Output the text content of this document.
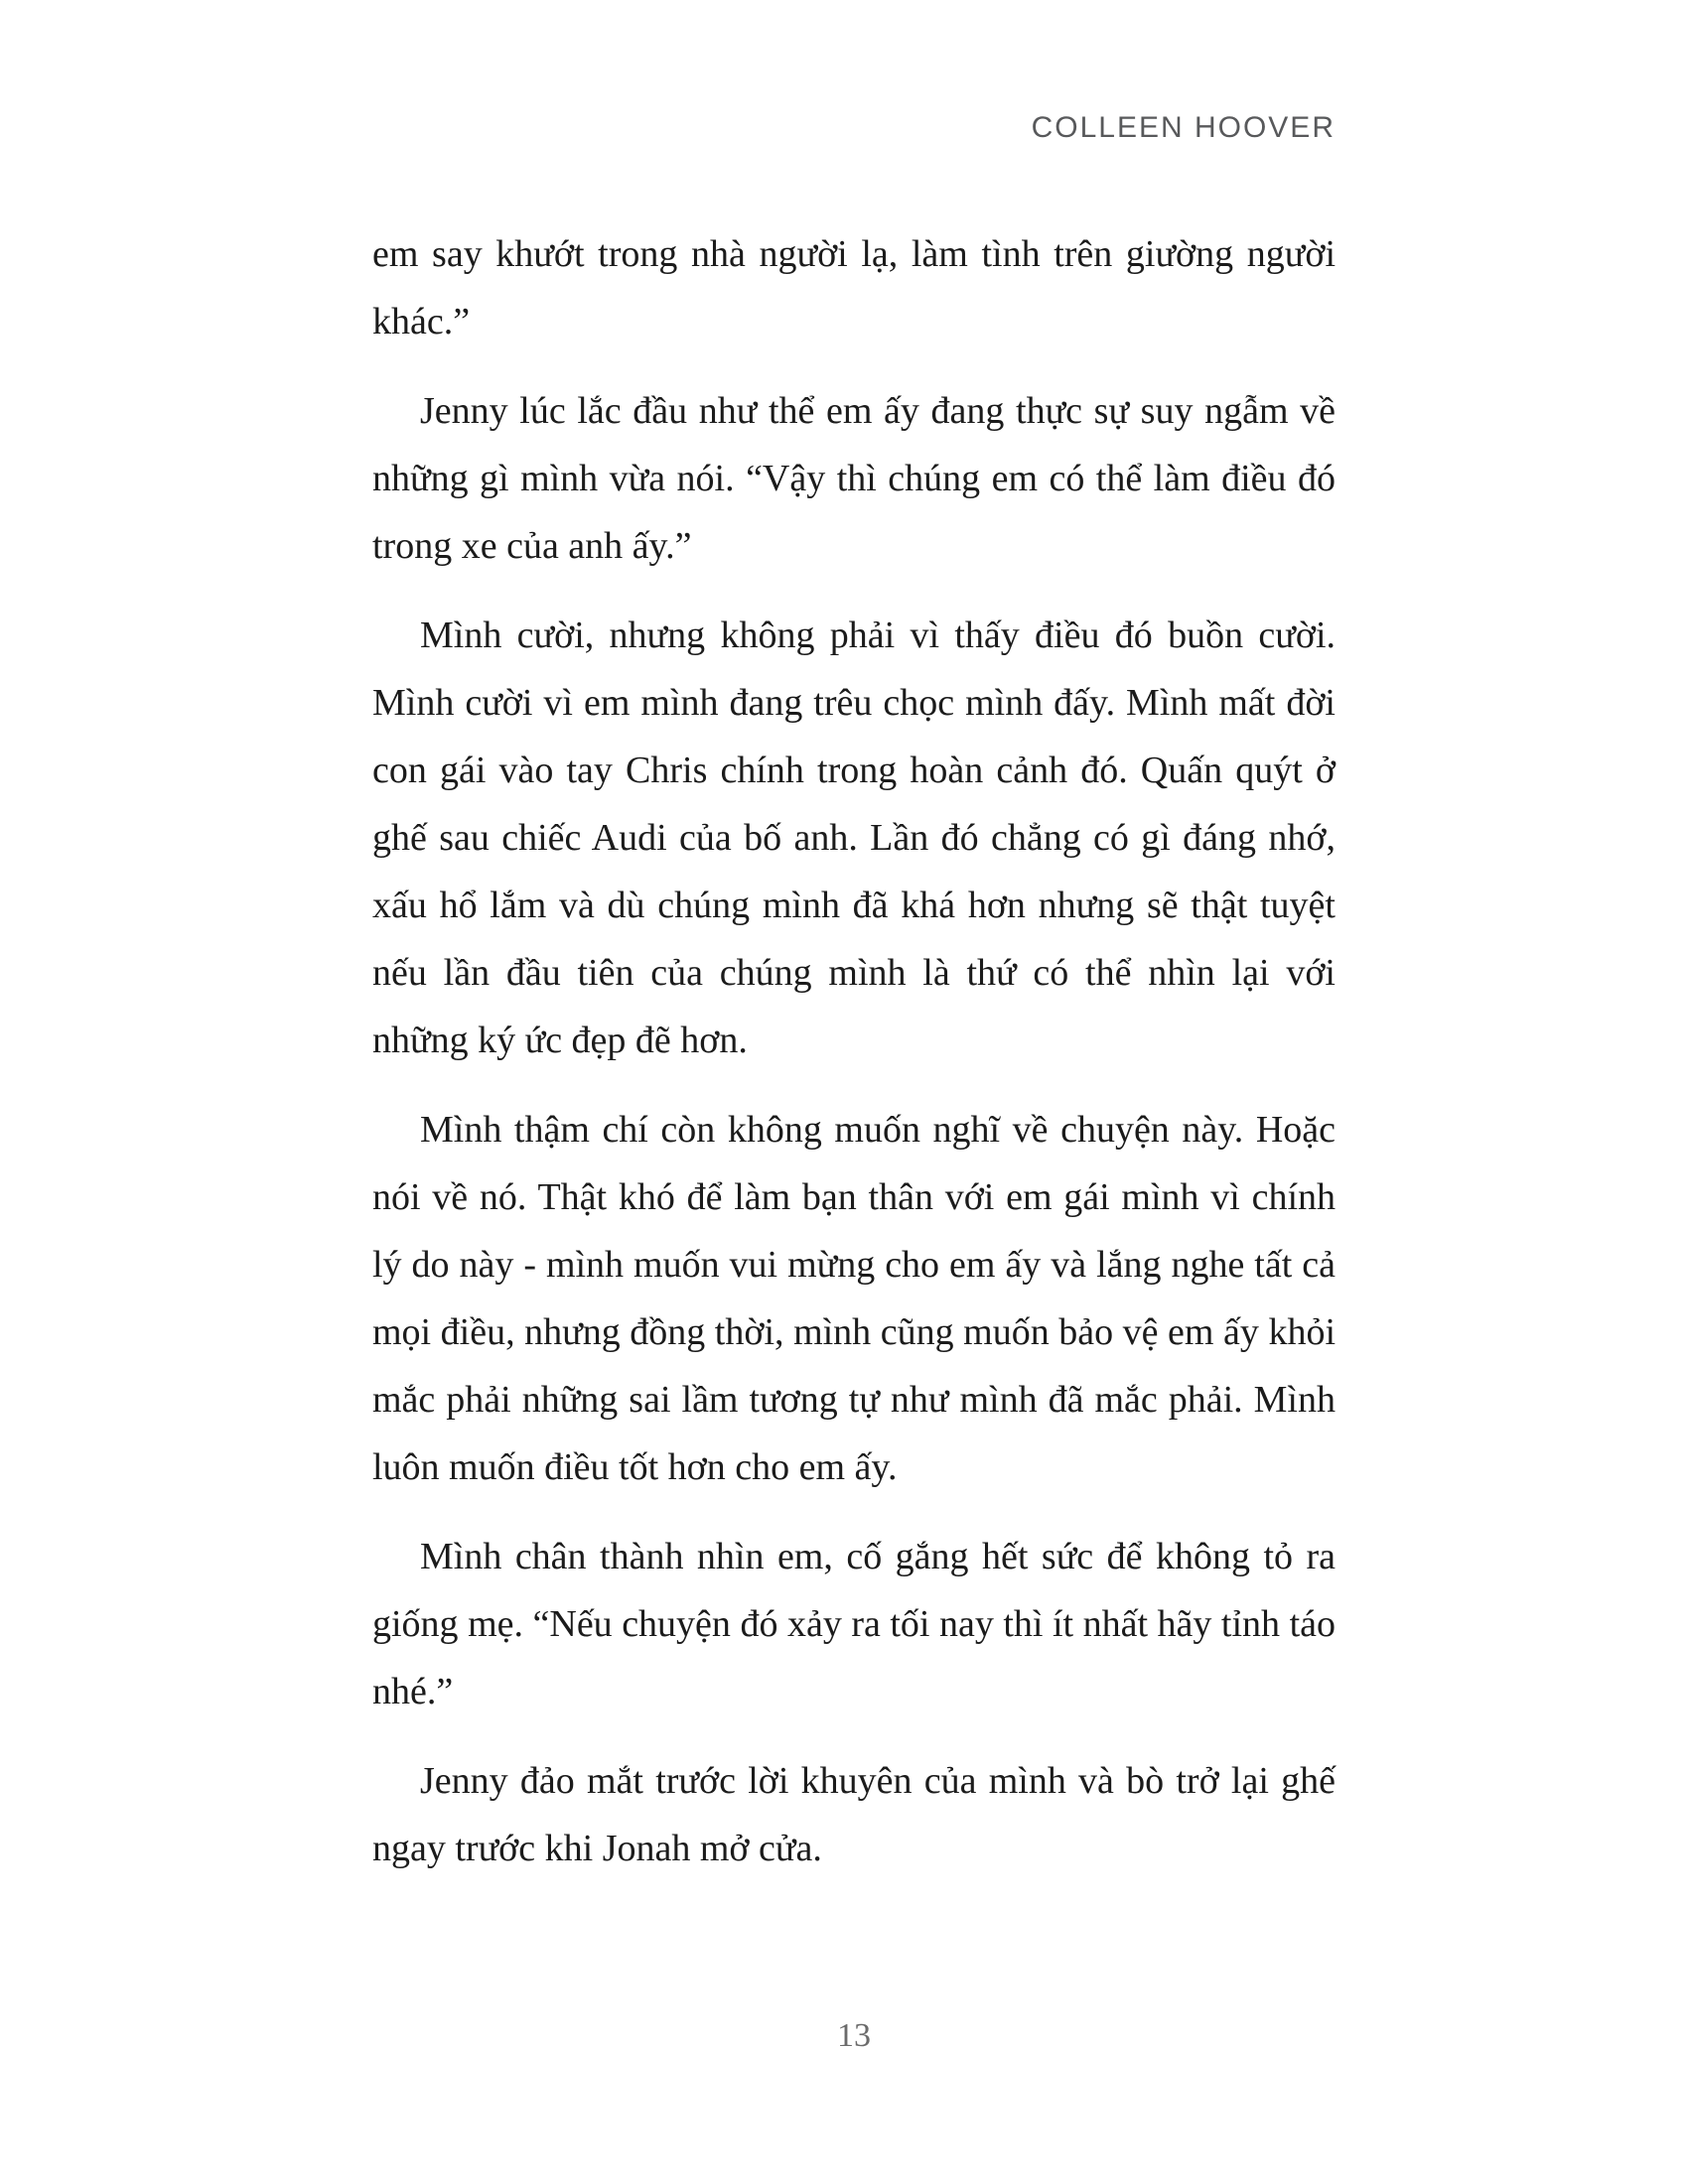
COLLEEN HOOVER

em say khướt trong nhà người lạ, làm tình trên giường người khác.”

Jenny lúc lắc đầu như thể em ấy đang thực sự suy ngẫm về những gì mình vừa nói. “Vậy thì chúng em có thể làm điều đó trong xe của anh ấy.”

Mình cười, nhưng không phải vì thấy điều đó buồn cười. Mình cười vì em mình đang trêu chọc mình đấy. Mình mất đời con gái vào tay Chris chính trong hoàn cảnh đó. Quấn quýt ở ghế sau chiếc Audi của bố anh. Lần đó chẳng có gì đáng nhớ, xấu hổ lắm và dù chúng mình đã khá hơn nhưng sẽ thật tuyệt nếu lần đầu tiên của chúng mình là thứ có thể nhìn lại với những ký ức đẹp đẽ hơn.

Mình thậm chí còn không muốn nghĩ về chuyện này. Hoặc nói về nó. Thật khó để làm bạn thân với em gái mình vì chính lý do này - mình muốn vui mừng cho em ấy và lắng nghe tất cả mọi điều, nhưng đồng thời, mình cũng muốn bảo vệ em ấy khỏi mắc phải những sai lầm tương tự như mình đã mắc phải. Mình luôn muốn điều tốt hơn cho em ấy.

Mình chân thành nhìn em, cố gắng hết sức để không tỏ ra giống mẹ. “Nếu chuyện đó xảy ra tối nay thì ít nhất hãy tỉnh táo nhé.”

Jenny đảo mắt trước lời khuyên của mình và bò trở lại ghế ngay trước khi Jonah mở cửa.

13
